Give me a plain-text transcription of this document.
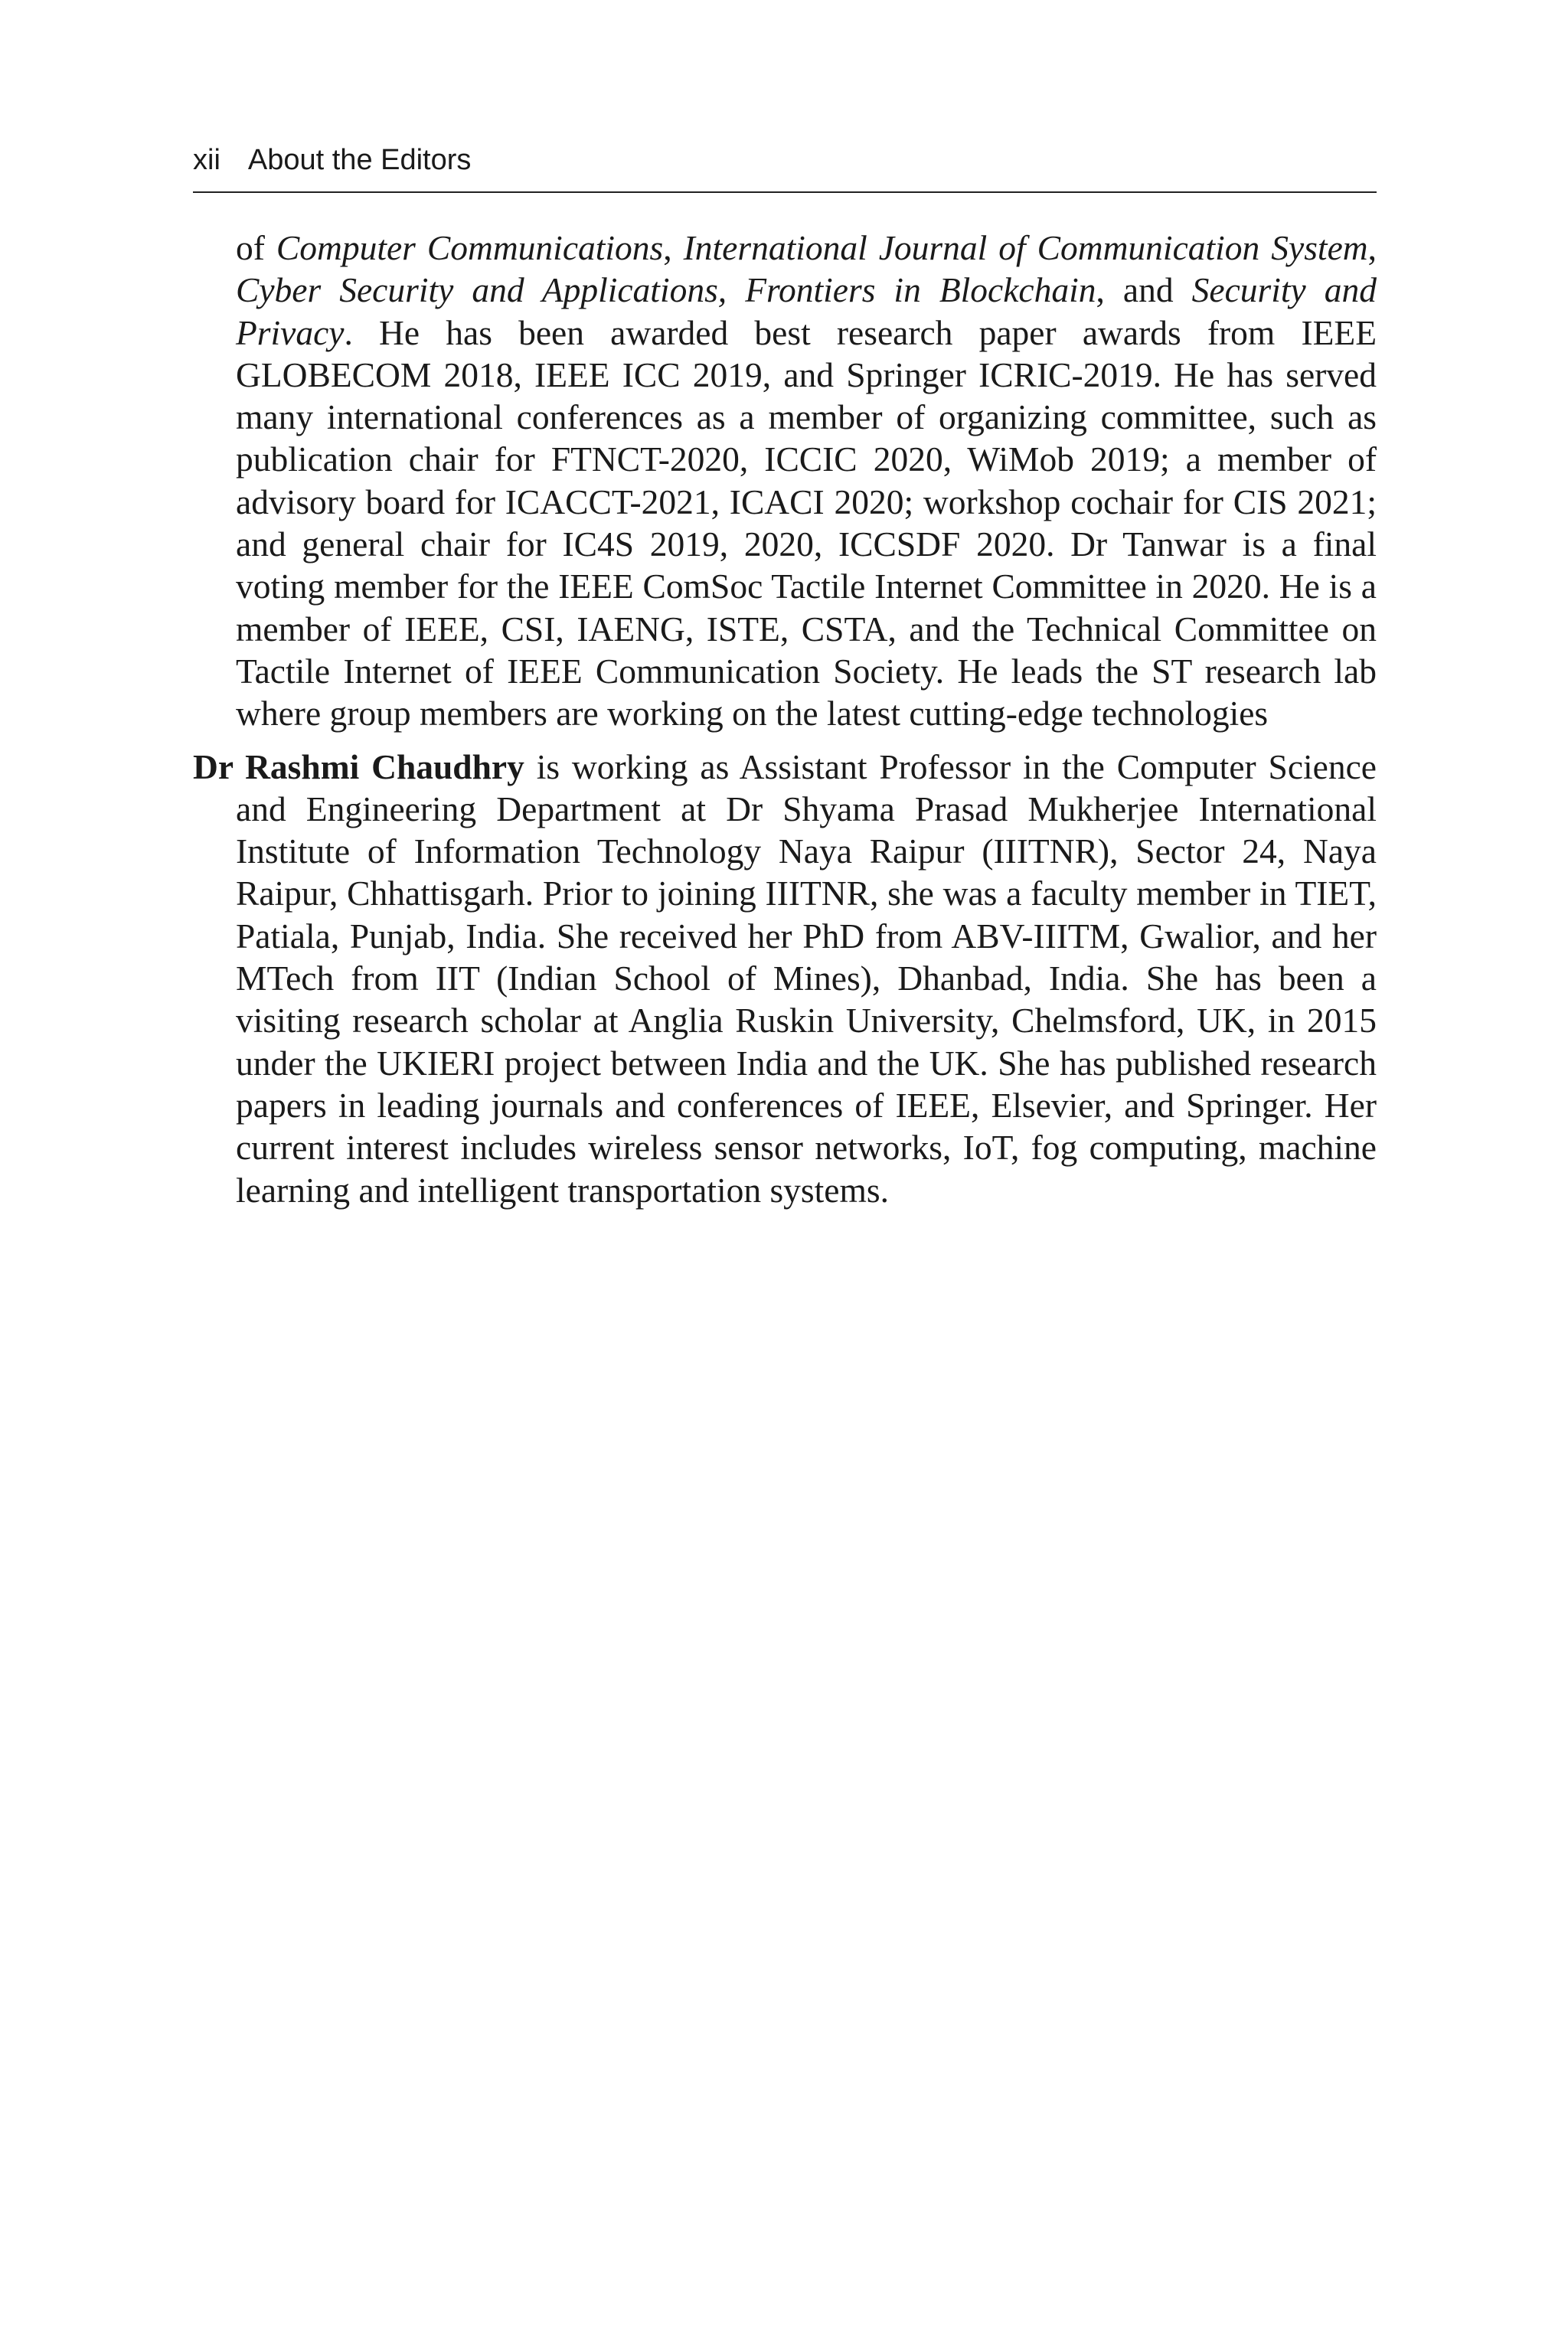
xii About the Editors

of Computer Communications, International Journal of Communication System, Cyber Security and Applications, Frontiers in Blockchain, and Security and Privacy. He has been awarded best research paper awards from IEEE GLOBECOM 2018, IEEE ICC 2019, and Springer ICRIC-2019. He has served many international conferences as a member of organizing committee, such as publication chair for FTNCT-2020, ICCIC 2020, WiMob 2019; a member of advisory board for ICACCT-2021, ICACI 2020; workshop cochair for CIS 2021; and general chair for IC4S 2019, 2020, ICCSDF 2020. Dr Tanwar is a final voting member for the IEEE ComSoc Tactile Internet Committee in 2020. He is a member of IEEE, CSI, IAENG, ISTE, CSTA, and the Technical Committee on Tactile Internet of IEEE Communication Society. He leads the ST research lab where group members are working on the latest cutting-edge technologies

Dr Rashmi Chaudhry is working as Assistant Professor in the Computer Science and Engineering Department at Dr Shyama Prasad Mukherjee International Institute of Information Technology Naya Raipur (IIITNR), Sector 24, Naya Raipur, Chhattisgarh. Prior to joining IIITNR, she was a faculty member in TIET, Patiala, Punjab, India. She received her PhD from ABV-IIITM, Gwalior, and her MTech from IIT (Indian School of Mines), Dhanbad, India. She has been a visiting research scholar at Anglia Ruskin University, Chelmsford, UK, in 2015 under the UKIERI project between India and the UK. She has published research papers in leading journals and conferences of IEEE, Elsevier, and Springer. Her current interest includes wireless sensor networks, IoT, fog computing, machine learning and intelligent transportation systems.
